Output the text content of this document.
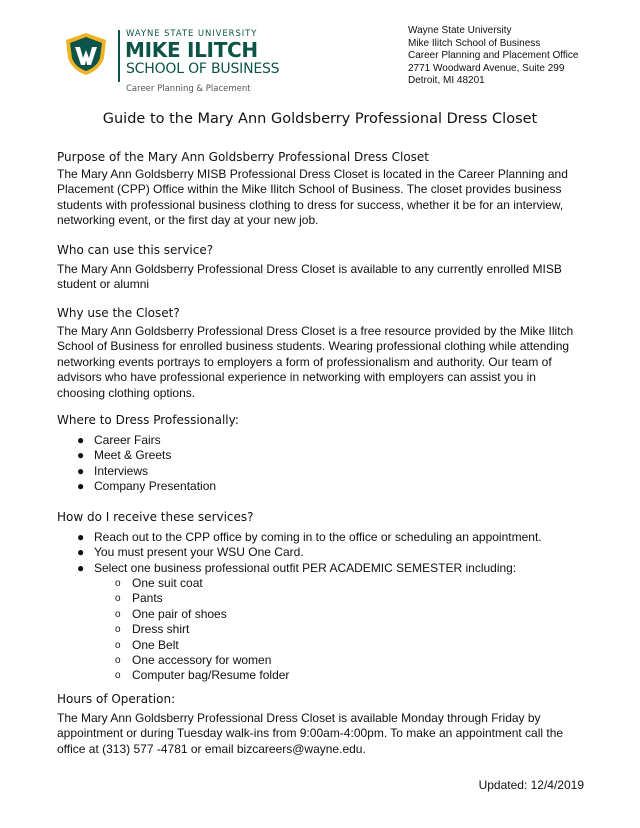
WAYNE STATE UNIVERSITY
MIKE ILITCH
SCHOOL OF BUSINESS
Career Planning & Placement
Wayne State University
Mike Ilitch School of Business
Career Planning and Placement Office
2771 Woodward Avenue, Suite 299
Detroit, MI 48201
Guide to the Mary Ann Goldsberry Professional Dress Closet
Purpose of the Mary Ann Goldsberry Professional Dress Closet

The Mary Ann Goldsberry MISB Professional Dress Closet is located in the Career Planning and Placement (CPP) Office within the Mike Ilitch School of Business. The closet provides business students with professional business clothing to dress for success, whether it be for an interview, networking event, or the first day at your new job.

Who can use this service?

The Mary Ann Goldsberry Professional Dress Closet is available to any currently enrolled MISB student or alumni

Why use the Closet?

The Mary Ann Goldsberry Professional Dress Closet is a free resource provided by the Mike Ilitch School of Business for enrolled business students. Wearing professional clothing while attending networking events portrays to employers a form of professionalism and authority. Our team of advisors who have professional experience in networking with employers can assist you in choosing clothing options.

Where to Dress Professionally:
● Career Fairs
● Meet & Greets
● Interviews
● Company Presentation
How do I receive these services?
● Reach out to the CPP office by coming in to the office or scheduling an appointment.
● You must present your WSU One Card.
● Select one business professional outfit PER ACADEMIC SEMESTER including:
o One suit coat
o Pants
o One pair of shoes
o Dress shirt
o One Belt
o One accessory for women
o Computer bag/Resume folder
Hours of Operation:

The Mary Ann Goldsberry Professional Dress Closet is available Monday through Friday by appointment or during Tuesday walk-ins from 9:00am-4:00pm. To make an appointment call the office at (313) 577 -4781 or email bizcareers@wayne.edu.

Updated: 12/4/2019
